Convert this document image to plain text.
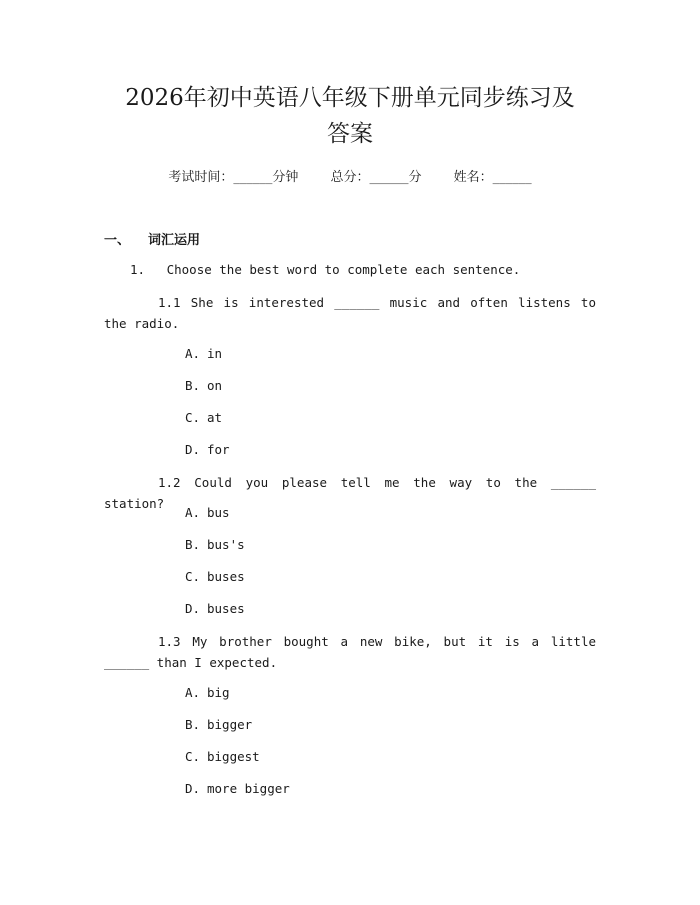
2026年初中英语八年级下册单元同步练习及
答案
考试时间：______分钟 总分：______分 姓名：______
一、 词汇运用
1. Choose the best word to complete each sentence.
1.1 She is interested ______ music and often listens to the radio.
A. in
B. on
C. at
D. for
1.2 Could you please tell me the way to the ______ station?
A. bus
B. bus's
C. buses
D. buses
1.3 My brother bought a new bike, but it is a little ______ than I expected.
A. big
B. bigger
C. biggest
D. more bigger
